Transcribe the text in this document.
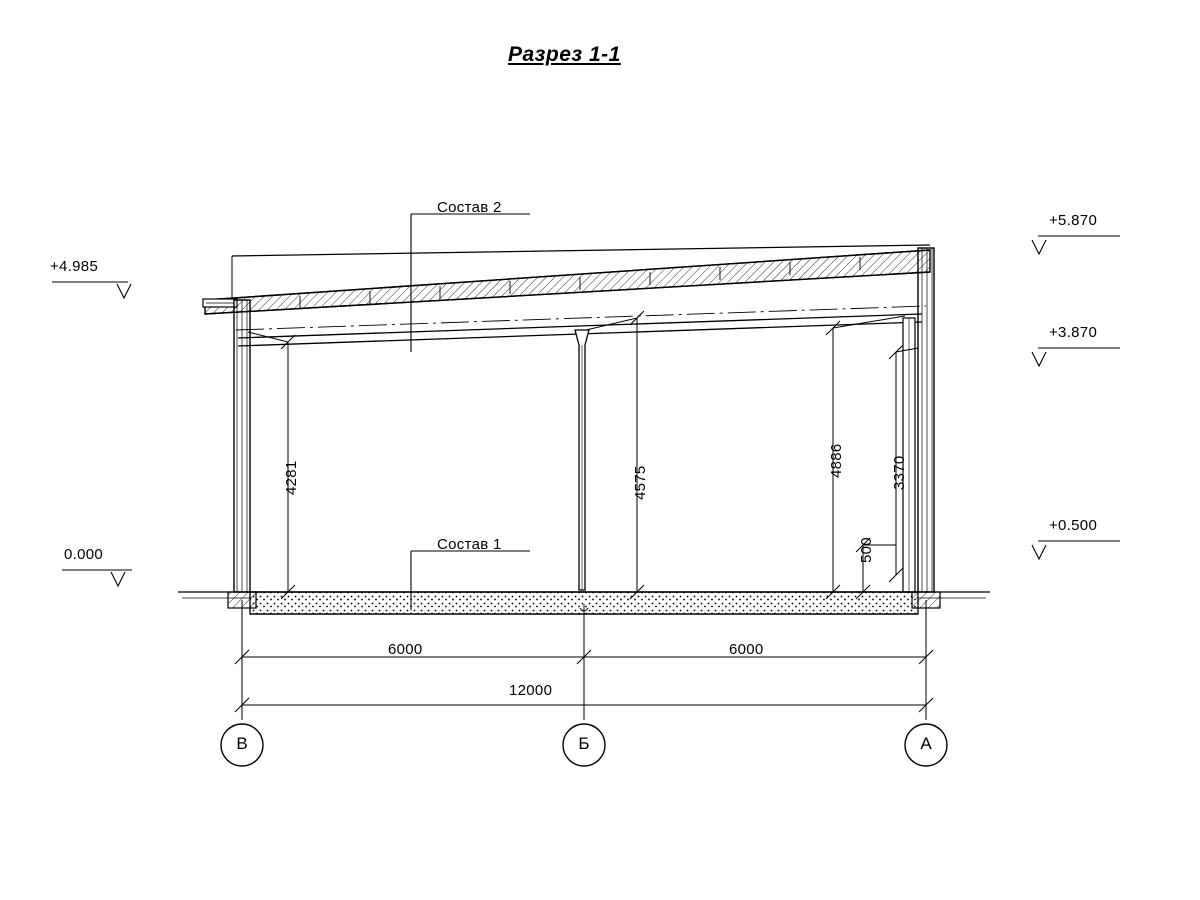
Разрез 1-1
Состав 2
Состав 1
+4.985
0.000
+5.870
+3.870
+0.500
4281	4575
4886	3370
500
6000	6000
12000
В	Б	А
